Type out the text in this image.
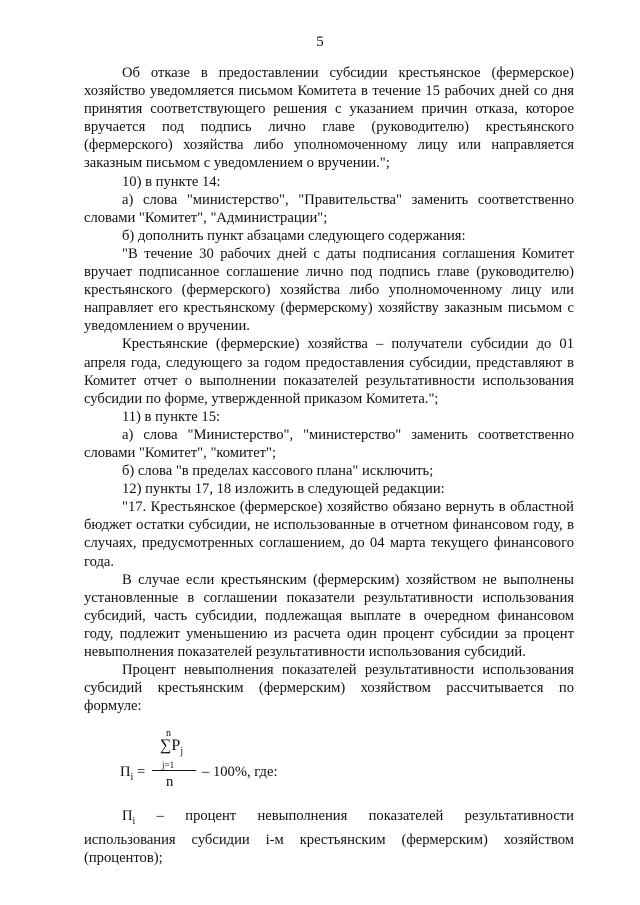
5

Об отказе в предоставлении субсидии крестьянское (фермерское) хозяйство уведомляется письмом Комитета в течение 15 рабочих дней со дня принятия соответствующего решения с указанием причин отказа, которое вручается под подпись лично главе (руководителю) крестьянского (фермерского) хозяйства либо уполномоченному лицу или направляется заказным письмом с уведомлением о вручении.";

10) в пункте 14:

а) слова "министерство", "Правительства" заменить соответственно словами "Комитет", "Администрации";

б) дополнить пункт абзацами следующего содержания:

"В течение 30 рабочих дней с даты подписания соглашения Комитет вручает подписанное соглашение лично под подпись главе (руководителю) крестьянского (фермерского) хозяйства либо уполномоченному лицу или направляет его крестьянскому (фермерскому) хозяйству заказным письмом с уведомлением о вручении.

Крестьянские (фермерские) хозяйства – получатели субсидии до 01 апреля года, следующего за годом предоставления субсидии, представляют в Комитет отчет о выполнении показателей результативности использования субсидии по форме, утвержденной приказом Комитета.";

11) в пункте 15:

а) слова "Министерство", "министерство" заменить соответственно словами "Комитет", "комитет";

б) слова "в пределах кассового плана" исключить;

12) пункты 17, 18 изложить в следующей редакции:

"17. Крестьянское (фермерское) хозяйство обязано вернуть в областной бюджет остатки субсидии, не использованные в отчетном финансовом году, в случаях, предусмотренных соглашением, до 04 марта текущего финансового года.

В случае если крестьянским (фермерским) хозяйством не выполнены установленные в соглашении показатели результативности использования субсидий, часть субсидии, подлежащая выплате в очередном финансовом году, подлежит уменьшению из расчета один процент субсидии за процент невыполнения показателей результативности использования субсидий.

Процент невыполнения показателей результативности использования субсидий крестьянским (фермерским) хозяйством рассчитывается по формуле:

n
$\sum P_j$
j=1
$П_i$ =
n
– 100%, где:

$П_i$ – процент невыполнения показателей результативности использования субсидии i-м крестьянским (фермерским) хозяйством (процентов);
